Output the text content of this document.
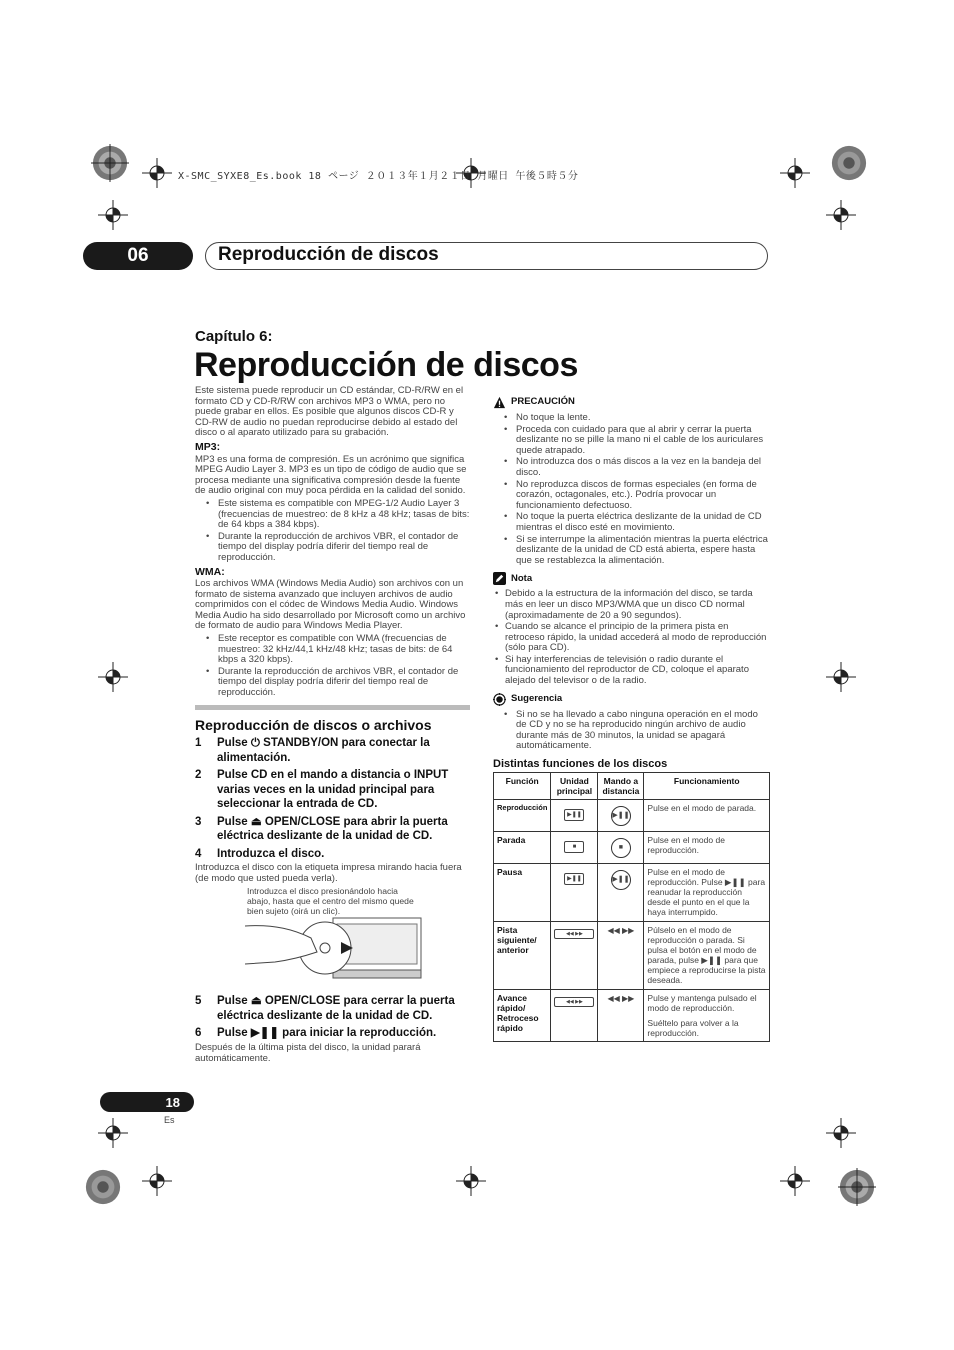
X-SMC_SYXE8_Es.book 18 ページ ２０１３年１月２１日 月曜日 午後５時５分
06	Reproducción de discos
Capítulo 6:
Reproducción de discos

Este sistema puede reproducir un CD estándar, CD-R/RW en el formato CD y CD-R/RW con archivos MP3 o WMA, pero no puede grabar en ellos. Es posible que algunos discos CD-R y CD-RW de audio no puedan reproducirse debido al estado del disco o al aparato utilizado para su grabación.

MP3:

MP3 es una forma de compresión. Es un acrónimo que significa MPEG Audio Layer 3. MP3 es un tipo de código de audio que se procesa mediante una significativa compresión desde la fuente de audio original con muy poca pérdida en la calidad del sonido.

• Este sistema es compatible con MPEG-1/2 Audio Layer 3 (frecuencias de muestreo: de 8 kHz a 48 kHz; tasas de bits: de 64 kbps a 384 kbps).
• Durante la reproducción de archivos VBR, el contador de tiempo del display podría diferir del tiempo real de reproducción.
WMA:

Los archivos WMA (Windows Media Audio) son archivos con un formato de sistema avanzado que incluyen archivos de audio comprimidos con el códec de Windows Media Audio. Windows Media Audio ha sido desarrollado por Microsoft como un archivo de formato de audio para Windows Media Player.

• Este receptor es compatible con WMA (frecuencias de muestreo: 32 kHz/44,1 kHz/48 kHz; tasas de bits: de 64 kbps a 320 kbps).
• Durante la reproducción de archivos VBR, el contador de tiempo del display podría diferir del tiempo real de reproducción.
Reproducción de discos o archivos
1	Pulse ⏻ STANDBY/ON para conectar la alimentación.
2	Pulse CD en el mando a distancia o INPUT varias veces en la unidad principal para seleccionar la entrada de CD.
3	Pulse ⏏ OPEN/CLOSE para abrir la puerta eléctrica deslizante de la unidad de CD.
4	Introduzca el disco.

Introduzca el disco con la etiqueta impresa mirando hacia fuera (de modo que usted pueda verla).

Introduzca el disco presionándolo hacia abajo, hasta que el centro del mismo quede bien sujeto (oirá un clic).
5	Pulse ⏏ OPEN/CLOSE para cerrar la puerta eléctrica deslizante de la unidad de CD.
6	Pulse ▶❚❚ para iniciar la reproducción.

Después de la última pista del disco, la unidad parará automáticamente.

PRECAUCIÓN
• No toque la lente.
• Proceda con cuidado para que al abrir y cerrar la puerta deslizante no se pille la mano ni el cable de los auriculares quede atrapado.
• No introduzca dos o más discos a la vez en la bandeja del disco.
• No reproduzca discos de formas especiales (en forma de corazón, octagonales, etc.). Podría provocar un funcionamiento defectuoso.
• No toque la puerta eléctrica deslizante de la unidad de CD mientras el disco esté en movimiento.
• Si se interrumpe la alimentación mientras la puerta eléctrica deslizante de la unidad de CD está abierta, espere hasta que se restablezca la alimentación.
Nota
• Debido a la estructura de la información del disco, se tarda más en leer un disco MP3/WMA que un disco CD normal (aproximadamente de 20 a 90 segundos).
• Cuando se alcance el principio de la primera pista en retroceso rápido, la unidad accederá al modo de reproducción (sólo para CD).
• Si hay interferencias de televisión o radio durante el funcionamiento del reproductor de CD, coloque el aparato alejado del televisor o de la radio.
Sugerencia
• Si no se ha llevado a cabo ninguna operación en el modo de CD y no se ha reproducido ningún archivo de audio durante más de 30 minutos, la unidad se apagará automáticamente.
Distintas funciones de los discos
Función	Unidad principal	Mando a distancia	Funcionamiento
Reproducción	▶❚❚	▶❚❚	Pulse en el modo de parada.
Parada	■	■	Pulse en el modo de reproducción.
Pausa	▶❚❚	▶❚❚	Pulse en el modo de reproducción. Pulse ▶❚❚ para reanudar la reproducción desde el punto en el que la haya interrumpido.
Pista siguiente/ anterior	◀◀ ▶▶	◀◀ ▶▶	Púlselo en el modo de reproducción o parada. Si pulsa el botón en el modo de parada, pulse ▶❚❚ para que empiece a reproducirse la pista deseada.
Avance rápido/ Retroceso rápido	◀◀ ▶▶	◀◀ ▶▶	Pulse y mantenga pulsado el modo de reproducción.
Suéltelo para volver a la reproducción.
18
Es
